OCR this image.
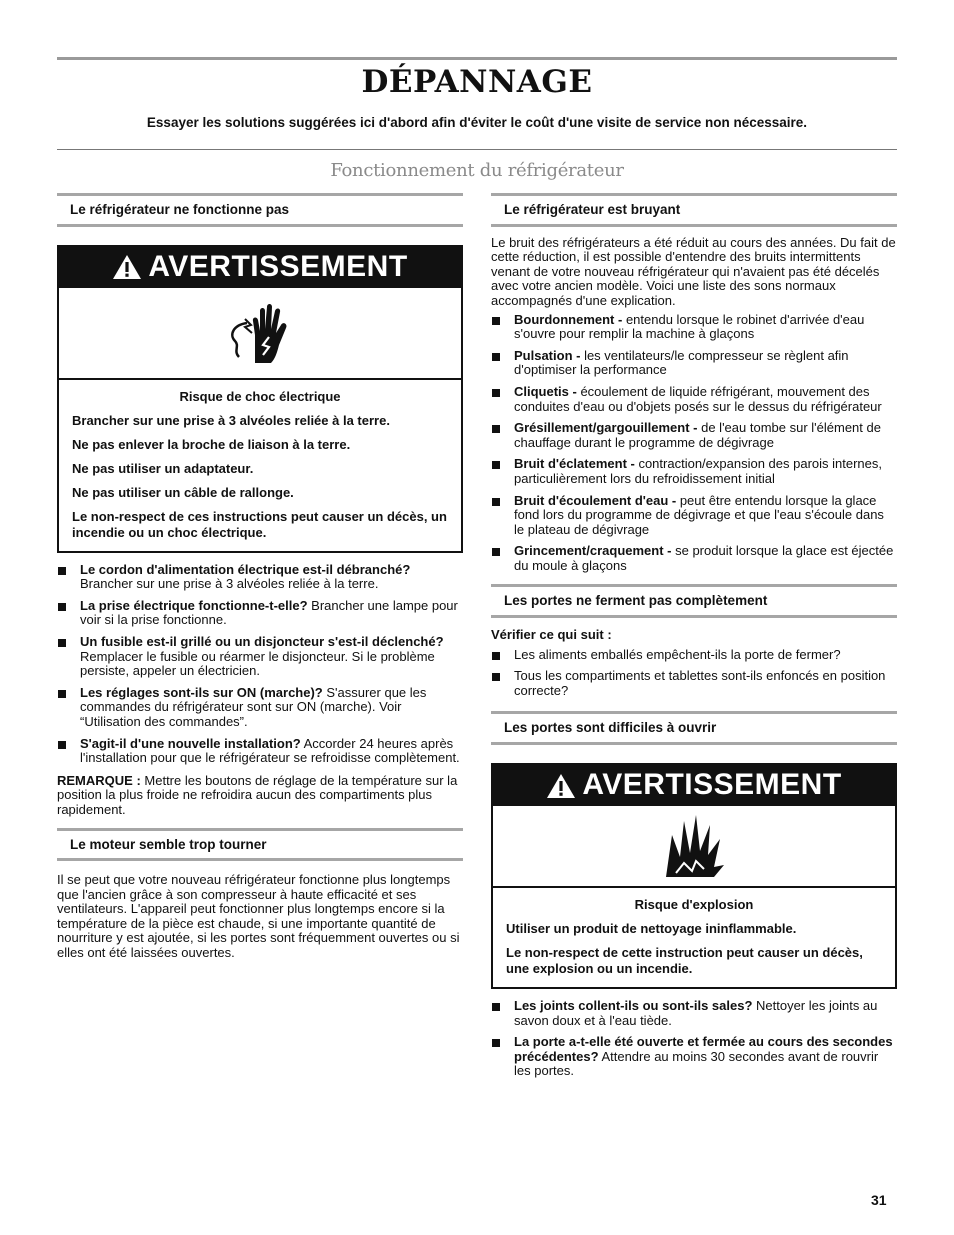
DÉPANNAGE
Essayer les solutions suggérées ici d'abord afin d'éviter le coût d'une visite de service non nécessaire.
Fonctionnement du réfrigérateur
Le réfrigérateur ne fonctionne pas
AVERTISSEMENT

Risque de choc électrique

Brancher sur une prise à 3 alvéoles reliée à la terre.

Ne pas enlever la broche de liaison à la terre.

Ne pas utiliser un adaptateur.

Ne pas utiliser un câble de rallonge.

Le non-respect de ces instructions peut causer un décès, un incendie ou un choc électrique.

Le cordon d'alimentation électrique est-il débranché? Brancher sur une prise à 3 alvéoles reliée à la terre.
La prise électrique fonctionne-t-elle? Brancher une lampe pour voir si la prise fonctionne.
Un fusible est-il grillé ou un disjoncteur s'est-il déclenché? Remplacer le fusible ou réarmer le disjoncteur. Si le problème persiste, appeler un électricien.
Les réglages sont-ils sur ON (marche)? S'assurer que les commandes du réfrigérateur sont sur ON (marche). Voir “Utilisation des commandes”.
S'agit-il d'une nouvelle installation? Accorder 24 heures après l'installation pour que le réfrigérateur se refroidisse complètement.

REMARQUE : Mettre les boutons de réglage de la température sur la position la plus froide ne refroidira aucun des compartiments plus rapidement.

Le moteur semble trop tourner

Il se peut que votre nouveau réfrigérateur fonctionne plus longtemps que l'ancien grâce à son compresseur à haute efficacité et ses ventilateurs. L'appareil peut fonctionner plus longtemps encore si la température de la pièce est chaude, si une importante quantité de nourriture y est ajoutée, si les portes sont fréquemment ouvertes ou si elles ont été laissées ouvertes.

Le réfrigérateur est bruyant

Le bruit des réfrigérateurs a été réduit au cours des années. Du fait de cette réduction, il est possible d'entendre des bruits intermittents venant de votre nouveau réfrigérateur qui n'avaient pas été décelés avec votre ancien modèle. Voici une liste des sons normaux accompagnés d'une explication.

Bourdonnement - entendu lorsque le robinet d'arrivée d'eau s'ouvre pour remplir la machine à glaçons
Pulsation - les ventilateurs/le compresseur se règlent afin d'optimiser la performance
Cliquetis - écoulement de liquide réfrigérant, mouvement des conduites d'eau ou d'objets posés sur le dessus du réfrigérateur
Grésillement/gargouillement - de l'eau tombe sur l'élément de chauffage durant le programme de dégivrage
Bruit d'éclatement - contraction/expansion des parois internes, particulièrement lors du refroidissement initial
Bruit d'écoulement d'eau - peut être entendu lorsque la glace fond lors du programme de dégivrage et que l'eau s'écoule dans le plateau de dégivrage
Grincement/craquement - se produit lorsque la glace est éjectée du moule à glaçons
Les portes ne ferment pas complètement

Vérifier ce qui suit :

Les aliments emballés empêchent-ils la porte de fermer?
Tous les compartiments et tablettes sont-ils enfoncés en position correcte?
Les portes sont difficiles à ouvrir
AVERTISSEMENT

Risque d'explosion

Utiliser un produit de nettoyage ininflammable.

Le non-respect de cette instruction peut causer un décès, une explosion ou un incendie.

Les joints collent-ils ou sont-ils sales? Nettoyer les joints au savon doux et à l'eau tiède.
La porte a-t-elle été ouverte et fermée au cours des secondes précédentes? Attendre au moins 30 secondes avant de rouvrir les portes.
31
